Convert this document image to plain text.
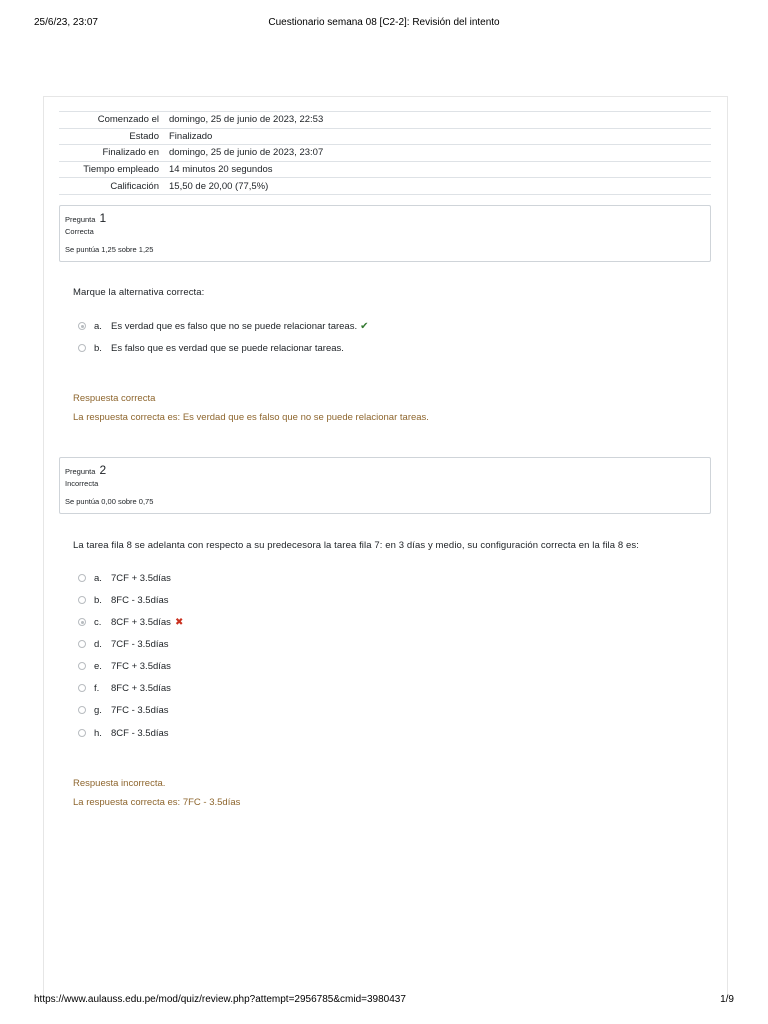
25/6/23, 23:07	Cuestionario semana 08 [C2-2]: Revisión del intento
Comenzado el	domingo, 25 de junio de 2023, 22:53
Estado	Finalizado
Finalizado en	domingo, 25 de junio de 2023, 23:07
Tiempo empleado	14 minutos 20 segundos
Calificación	15,50 de 20,00 (77,5%)
Pregunta 1
Correcta
Se puntúa 1,25 sobre 1,25
Marque la alternativa correcta:
a. Es verdad que es falso que no se puede relacionar tareas. ✔
b. Es falso que es verdad que se puede relacionar tareas.
Respuesta correcta
La respuesta correcta es: Es verdad que es falso que no se puede relacionar tareas.
Pregunta 2
Incorrecta
Se puntúa 0,00 sobre 0,75
La tarea fila 8 se adelanta con respecto a su predecesora la tarea fila 7: en 3 días y medio, su configuración correcta en la fila 8 es:
a. 7CF + 3.5días
b. 8FC - 3.5días
c.	8CF + 3.5días ✖
d. 7CF - 3.5días
e. 7FC + 3.5días
f.	8FC + 3.5días
g. 7FC - 3.5días
h. 8CF - 3.5días
Respuesta incorrecta.
La respuesta correcta es: 7FC - 3.5días
https://www.aulauss.edu.pe/mod/quiz/review.php?attempt=2956785&cmid=3980437	1/9
